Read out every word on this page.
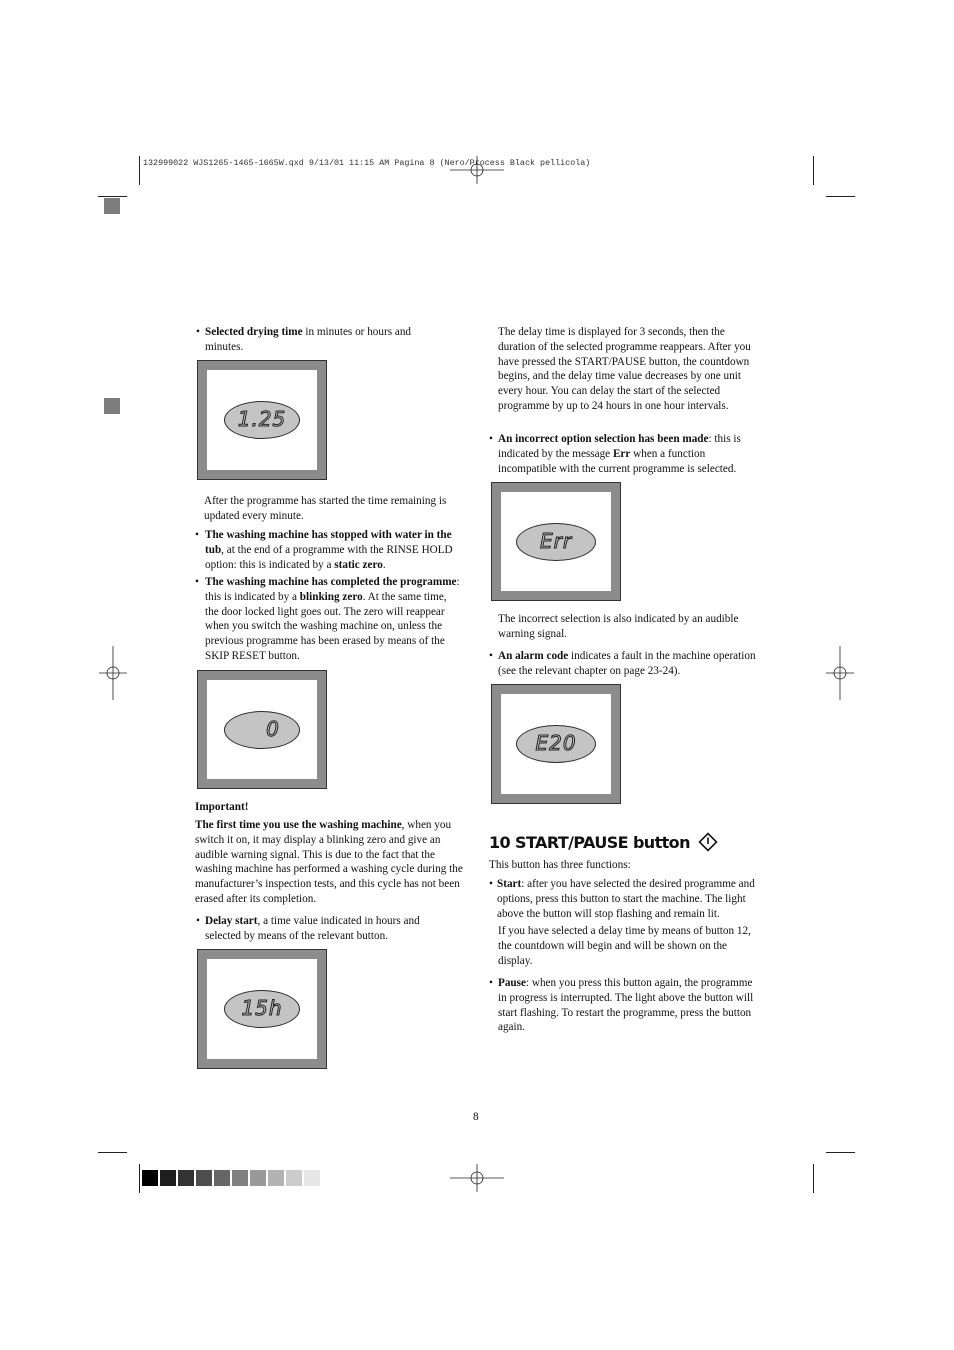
132999022 WJS1265-1465-1665W.qxd 9/13/01 11:15 AM Pagina 8 (Nero/Process Black pellicola)
• Selected drying time in minutes or hours and minutes.
1.25
After the programme has started the time remaining is updated every minute.
• The washing machine has stopped with water in the tub, at the end of a programme with the RINSE HOLD option: this is indicated by a static zero.
• The washing machine has completed the programme: this is indicated by a blinking zero. At the same time, the door locked light goes out. The zero will reappear when you switch the washing machine on, unless the previous programme has been erased by means of the SKIP RESET button.
0
Important!
The first time you use the washing machine, when you switch it on, it may display a blinking zero and give an audible warning signal. This is due to the fact that the washing machine has performed a washing cycle during the manufacturer’s inspection tests, and this cycle has not been erased after its completion.
• Delay start, a time value indicated in hours and selected by means of the relevant button.
15h
The delay time is displayed for 3 seconds, then the duration of the selected programme reappears. After you have pressed the START/PAUSE button, the countdown begins, and the delay time value decreases by one unit every hour. You can delay the start of the selected programme by up to 24 hours in one hour intervals.
• An incorrect option selection has been made: this is indicated by the message Err when a function incompatible with the current programme is selected.
Err
The incorrect selection is also indicated by an audible warning signal.
• An alarm code indicates a fault in the machine operation (see the relevant chapter on page 23-24).
E20
10 START/PAUSE button
This button has three functions:
• Start: after you have selected the desired programme and options, press this button to start the machine. The light above the button will stop flashing and remain lit.
If you have selected a delay time by means of button 12, the countdown will begin and will be shown on the display.
• Pause: when you press this button again, the programme in progress is interrupted. The light above the button will start flashing. To restart the programme, press the button again.
8
